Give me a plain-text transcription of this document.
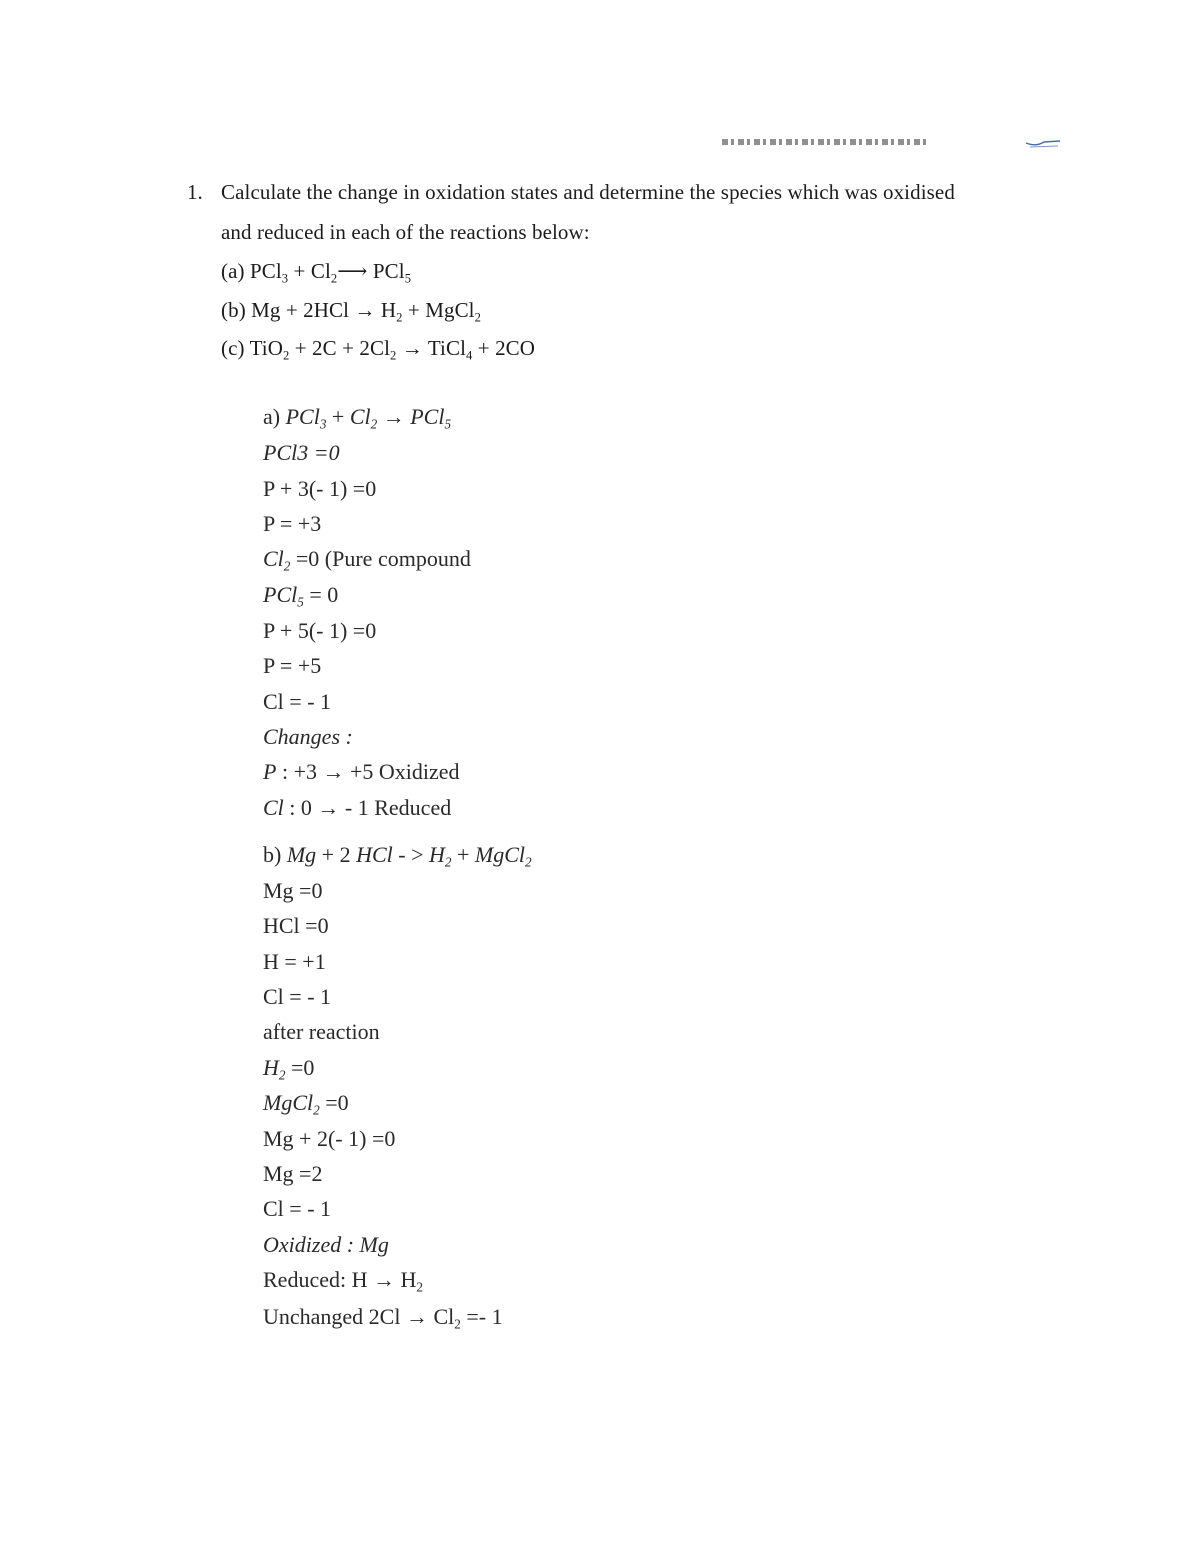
1. Calculate the change in oxidation states and determine the species which was oxidised
and reduced in each of the reactions below:
(a) $PCl_3 + Cl_2⟶$ PCl$_5$
(b) $Mg + 2HCl \to H_2$ + MgCl$_2$
(c) $TiO_2 + 2C + 2Cl_2$ → TiCl$_4$ + 2CO
a) $PCl_3 + Cl_2 \to PCl_5$
PCl3 =0
P + 3(- 1) =0
P = +3
$Cl_2 =0$ (Pure compound
PCl$_5$ = 0
P + 5(- 1) =0
P = +5
Cl = - 1
Changes :
P : +3 → +5 Oxidized
Cl : 0 → - 1 Reduced
b) Mg + 2 HCl - > $H_2$ + MgCl$_2$
Mg =0
HCl =0
H = +1
Cl = - 1
after reaction
$H_2 =0$
MgCl$_2$ =0
Mg + 2(- 1) =0
Mg =2
Cl = - 1
Oxidized : Mg
Reduced: $H \to H_2$
Unchanged $2Cl \to Cl_2 =- 1$
